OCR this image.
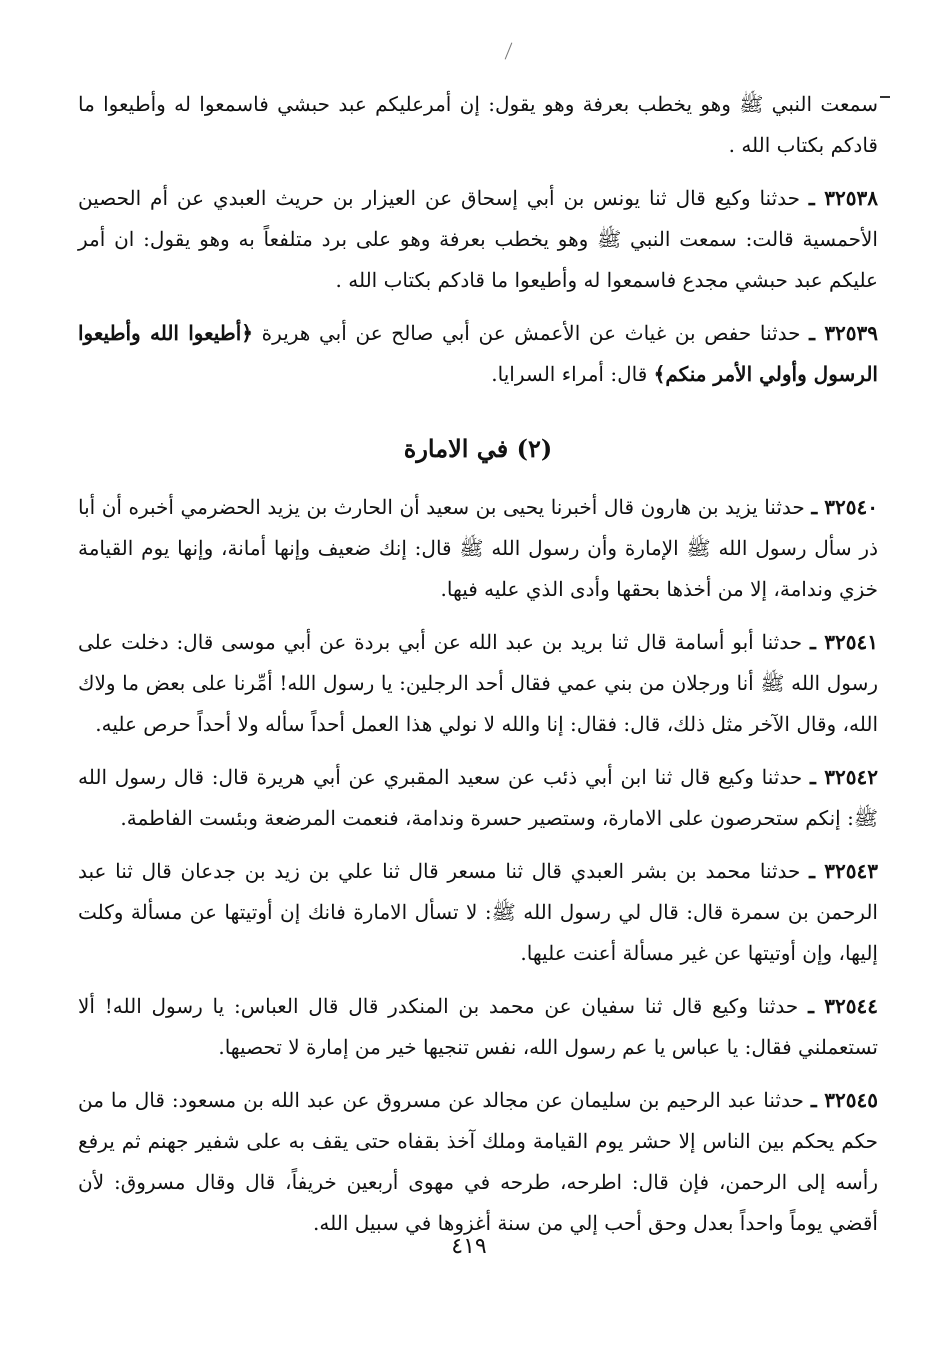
سمعت النبي ﷺ وهو يخطب بعرفة وهو يقول: إن أمرعليكم عبد حبشي فاسمعوا له وأطيعوا ما قادكم بكتاب الله .

٣٢٥٣٨ ـ حدثنا وكيع قال ثنا يونس بن أبي إسحاق عن العيزار بن حريث العبدي عن أم الحصين الأحمسية قالت: سمعت النبي ﷺ وهو يخطب بعرفة وهو على برد متلفعاً به وهو يقول: ان أمر عليكم عبد حبشي مجدع فاسمعوا له وأطيعوا ما قادكم بكتاب الله .

٣٢٥٣٩ ـ حدثنا حفص بن غياث عن الأعمش عن أبي صالح عن أبي هريرة ﴿أطيعوا الله وأطيعوا الرسول وأولي الأمر منكم﴾ قال: أمراء السرايا.

(٢) في الامارة

٣٢٥٤٠ ـ حدثنا يزيد بن هارون قال أخبرنا يحيى بن سعيد أن الحارث بن يزيد الحضرمي أخبره أن أبا ذر سأل رسول الله ﷺ الإمارة وأن رسول الله ﷺ قال: إنك ضعيف وإنها أمانة، وإنها يوم القيامة خزي وندامة، إلا من أخذها بحقها وأدى الذي عليه فيها.

٣٢٥٤١ ـ حدثنا أبو أسامة قال ثنا بريد بن عبد الله عن أبي بردة عن أبي موسى قال: دخلت على رسول الله ﷺ أنا ورجلان من بني عمي فقال أحد الرجلين: يا رسول الله! أمِّرنا على بعض ما ولاك الله، وقال الآخر مثل ذلك، قال: فقال: إنا والله لا نولي هذا العمل أحداً سأله ولا أحداً حرص عليه.

٣٢٥٤٢ ـ حدثنا وكيع قال ثنا ابن أبي ذئب عن سعيد المقبري عن أبي هريرة قال: قال رسول الله ﷺ: إنكم ستحرصون على الامارة، وستصير حسرة وندامة، فنعمت المرضعة وبئست الفاطمة.

٣٢٥٤٣ ـ حدثنا محمد بن بشر العبدي قال ثنا مسعر قال ثنا علي بن زيد بن جدعان قال ثنا عبد الرحمن بن سمرة قال: قال لي رسول الله ﷺ: لا تسأل الامارة فانك إن أوتيتها عن مسألة وكلت إليها، وإن أوتيتها عن غير مسألة أعنت عليها.

٣٢٥٤٤ ـ حدثنا وكيع قال ثنا سفيان عن محمد بن المنكدر قال قال العباس: يا رسول الله! ألا تستعملني فقال: يا عباس يا عم رسول الله، نفس تنجيها خير من إمارة لا تحصيها.

٣٢٥٤٥ ـ حدثنا عبد الرحيم بن سليمان عن مجالد عن مسروق عن عبد الله بن مسعود: قال ما من حكم يحكم بين الناس إلا حشر يوم القيامة وملك آخذ بقفاه حتى يقف به على شفير جهنم ثم يرفع رأسه إلى الرحمن، فإن قال: اطرحه، طرحه في مهوى أربعين خريفاً، قال وقال مسروق: لأن أقضي يوماً واحداً بعدل وحق أحب إلي من سنة أغزوها في سبيل الله.

٤١٩
